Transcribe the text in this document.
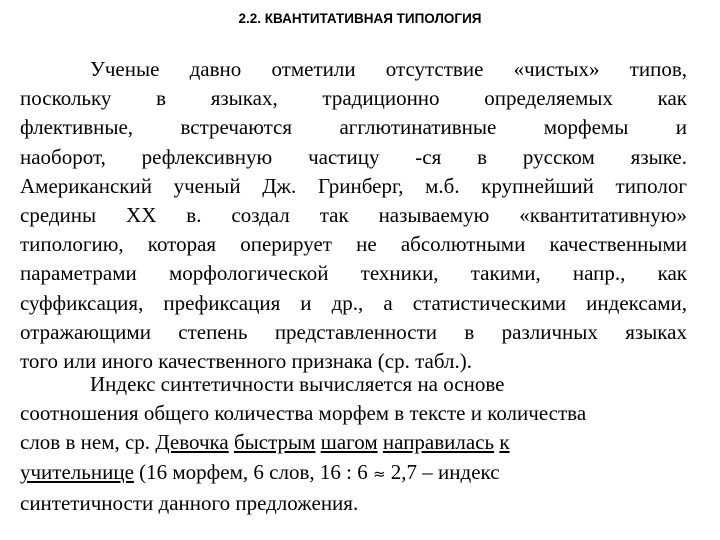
2.2. КВАНТИТАТИВНАЯ ТИПОЛОГИЯ
Ученые давно отметили отсутствие «чистых» типов,
поскольку в языках, традиционно определяемых как
флективные, встречаются агглютинативные морфемы и
наоборот, рефлексивную частицу -ся в русском языке.
Американский ученый Дж. Гринберг, м.б. крупнейший типолог
средины XX в. создал так называемую «квантитативную»
типологию, которая оперирует не абсолютными качественными
параметрами морфологической техники, такими, напр., как
суффиксация, префиксация и др., а статистическими индексами,
отражающими степень представленности в различных языках
того или иного качественного признака (ср. табл.).
Индекс синтетичности вычисляется на основе
соотношения общего количества морфем в тексте и количества
слов в нем, ср. Девочка быстрым шагом направилась к
учительнице (16 морфем, 6 слов, 16 : 6 ≈ 2,7 – индекс
синтетичности данного предложения.
